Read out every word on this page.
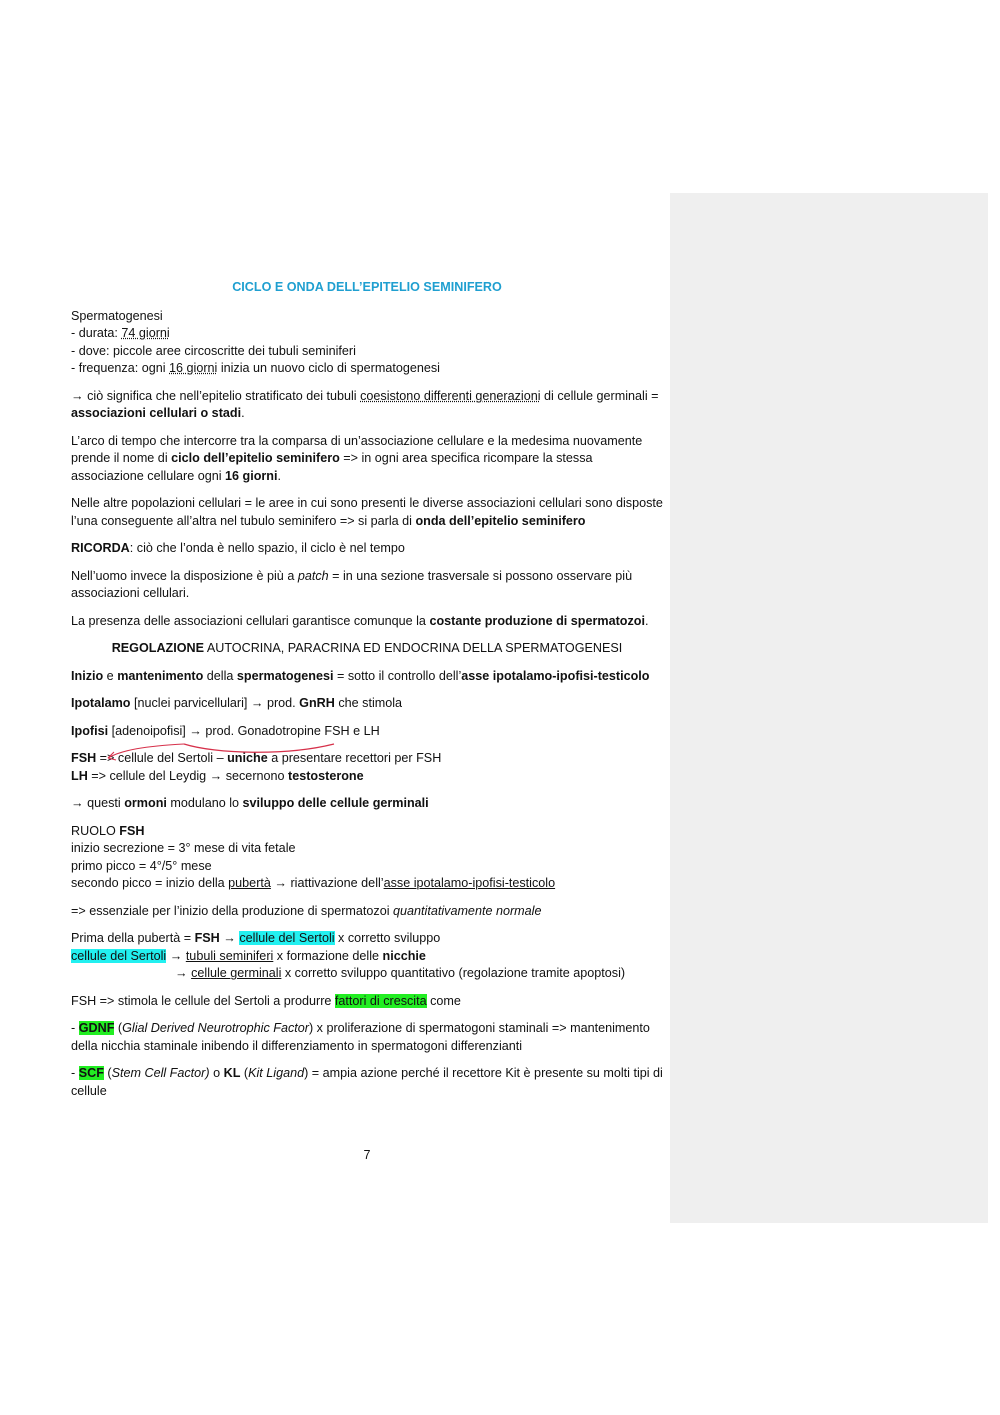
CICLO E ONDA DELL’EPITELIO SEMINIFERO

Spermatogenesi
- durata: 74 giorni
- dove: piccole aree circoscritte dei tubuli seminiferi
- frequenza: ogni 16 giorni inizia un nuovo ciclo di spermatogenesi

→ ciò significa che nell’epitelio stratificato dei tubuli coesistono differenti generazioni di cellule germinali = associazioni cellulari o stadi.

L’arco di tempo che intercorre tra la comparsa di un’associazione cellulare e la medesima nuovamente prende il nome di ciclo dell’epitelio seminifero => in ogni area specifica ricompare la stessa associazione cellulare ogni 16 giorni.

Nelle altre popolazioni cellulari = le aree in cui sono presenti le diverse associazioni cellulari sono disposte l’una conseguente all’altra nel tubulo seminifero => si parla di onda dell’epitelio seminifero

RICORDA: ciò che l’onda è nello spazio, il ciclo è nel tempo

Nell’uomo invece la disposizione è più a patch = in una sezione trasversale si possono osservare più associazioni cellulari.

La presenza delle associazioni cellulari garantisce comunque la costante produzione di spermatozoi.

REGOLAZIONE AUTOCRINA, PARACRINA ED ENDOCRINA DELLA SPERMATOGENESI

Inizio e mantenimento della spermatogenesi = sotto il controllo dell’asse ipotalamo-ipofisi-testicolo

Ipotalamo [nuclei parvicellulari] → prod. GnRH che stimola

Ipofisi [adenoipofisi] → prod. Gonadotropine FSH e LH

FSH => cellule del Sertoli – uniche a presentare recettori per FSH
LH => cellule del Leydig → secernono testosterone

→ questi ormoni modulano lo sviluppo delle cellule germinali

RUOLO FSH
inizio secrezione = 3° mese di vita fetale
primo picco = 4°/5° mese
secondo picco = inizio della pubertà → riattivazione dell’asse ipotalamo-ipofisi-testicolo

=> essenziale per l’inizio della produzione di spermatozoi quantitativamente normale

Prima della pubertà = FSH → cellule del Sertoli x corretto sviluppo
cellule del Sertoli → tubuli seminiferi x formazione delle nicchie
→ cellule germinali x corretto sviluppo quantitativo (regolazione tramite apoptosi)

FSH => stimola le cellule del Sertoli a produrre fattori di crescita come

- GDNF (Glial Derived Neurotrophic Factor) x proliferazione di spermatogoni staminali => mantenimento della nicchia staminale inibendo il differenziamento in spermatogoni differenzianti

- SCF (Stem Cell Factor) o KL (Kit Ligand) = ampia azione perché il recettore Kit è presente su molti tipi di cellule

7
